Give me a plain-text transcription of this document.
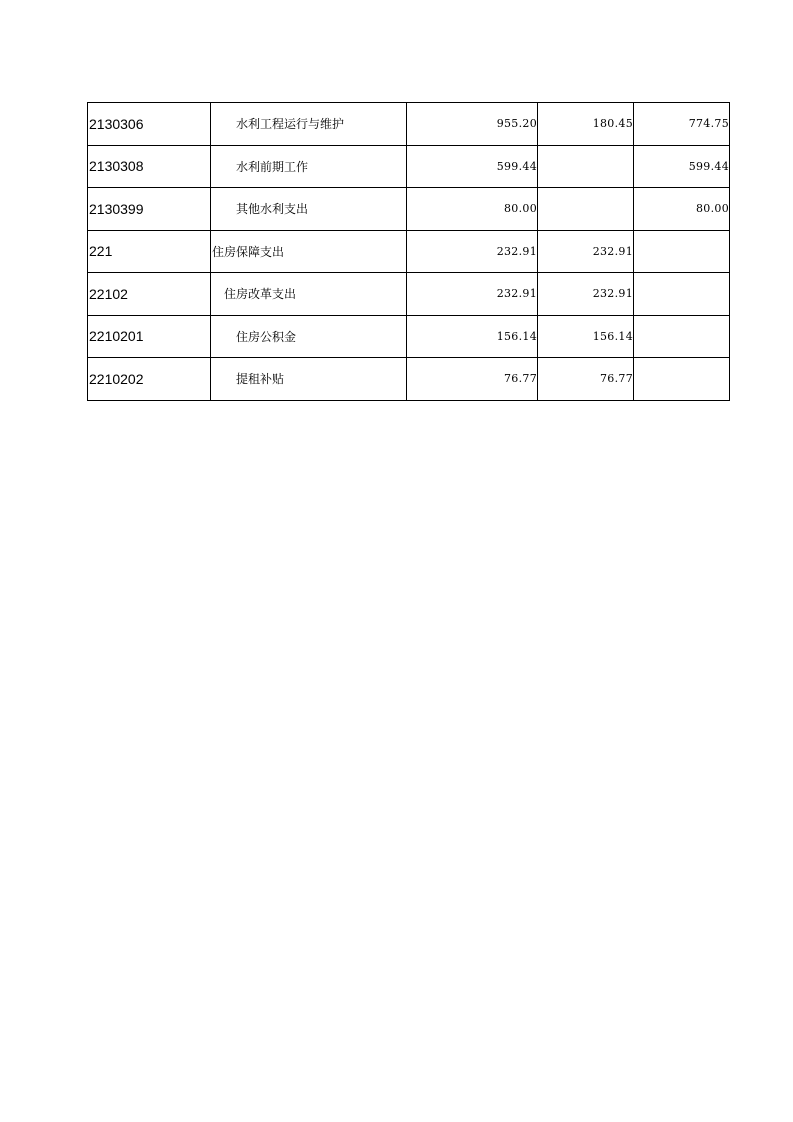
2130306	水利工程运行与维护	955.20	180.45	774.75
2130308	水利前期工作	599.44		599.44
2130399	其他水利支出	80.00		80.00
221	住房保障支出	232.91	232.91	
22102	住房改革支出	232.91	232.91	
2210201	住房公积金	156.14	156.14	
2210202	提租补贴	76.77	76.77	
